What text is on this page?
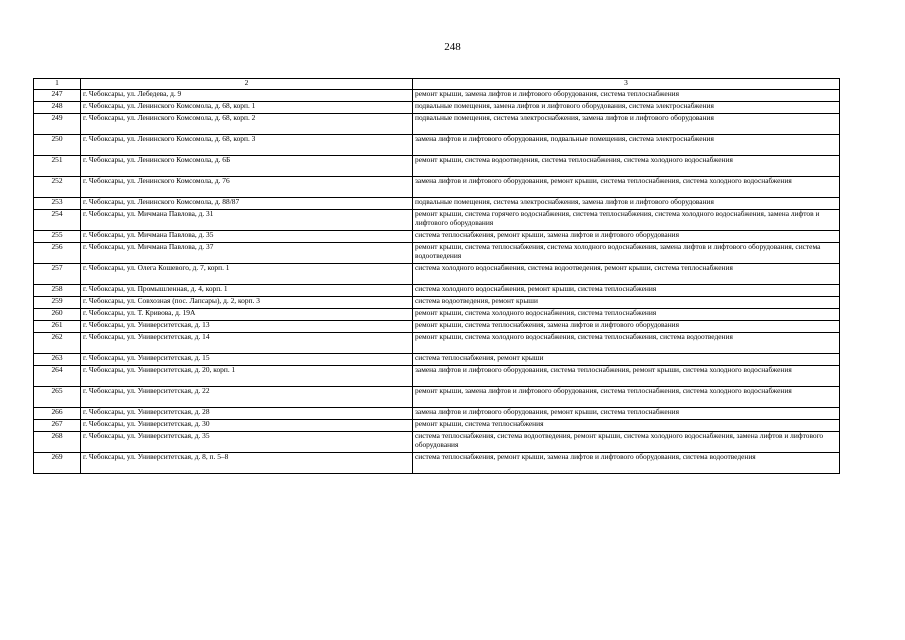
248
1	2	3
247	г. Чебоксары, ул. Лебедева, д. 9	ремонт крыши, замена лифтов и лифтового оборудования, система теплоснабжения
248	г. Чебоксары, ул. Ленинского Комсомола, д. 68, корп. 1	подвальные помещения, замена лифтов и лифтового оборудования, система электроснабжения
249	г. Чебоксары, ул. Ленинского Комсомола, д. 68, корп. 2	подвальные помещения, система электроснабжения, замена лифтов и лифтового оборудования
250	г. Чебоксары, ул. Ленинского Комсомола, д. 68, корп. 3	замена лифтов и лифтового оборудования, подвальные помещения, система электроснабжения
251	г. Чебоксары, ул. Ленинского Комсомола, д. 6Б	ремонт крыши, система водоотведения, система теплоснабжения, система холодного водоснабжения
252	г. Чебоксары, ул. Ленинского Комсомола, д. 76	замена лифтов и лифтового оборудования, ремонт крыши, система теплоснабжения, система холодного водоснабжения
253	г. Чебоксары, ул. Ленинского Комсомола, д. 88/87	подвальные помещения, система электроснабжения, замена лифтов и лифтового оборудования
254	г. Чебоксары, ул. Мичмана Павлова, д. 31	ремонт крыши, система горячего водоснабжения, система теплоснабжения, система холодного водоснабжения, замена лифтов и лифтового оборудования
255	г. Чебоксары, ул. Мичмана Павлова, д. 35	система теплоснабжения, ремонт крыши, замена лифтов и лифтового оборудования
256	г. Чебоксары, ул. Мичмана Павлова, д. 37	ремонт крыши, система теплоснабжения, система холодного водоснабжения, замена лифтов и лифтового оборудования, система водоотведения
257	г. Чебоксары, ул. Олега Кошевого, д. 7, корп. 1	система холодного водоснабжения, система водоотведения, ремонт крыши, система теплоснабжения
258	г. Чебоксары, ул. Промышленная, д. 4, корп. 1	система холодного водоснабжения, ремонт крыши, система теплоснабжения
259	г. Чебоксары, ул. Совхозная (пос. Лапсары), д. 2, корп. 3	система водоотведения, ремонт крыши
260	г. Чебоксары, ул. Т. Кривова, д. 19А	ремонт крыши, система холодного водоснабжения, система теплоснабжения
261	г. Чебоксары, ул. Университетская, д. 13	ремонт крыши, система теплоснабжения, замена лифтов и лифтового оборудования
262	г. Чебоксары, ул. Университетская, д. 14	ремонт крыши, система холодного водоснабжения, система теплоснабжения, система водоотведения
263	г. Чебоксары, ул. Университетская, д. 15	система теплоснабжения, ремонт крыши
264	г. Чебоксары, ул. Университетская, д. 20, корп. 1	замена лифтов и лифтового оборудования, система теплоснабжения, ремонт крыши, система холодного водоснабжения
265	г. Чебоксары, ул. Университетская, д. 22	ремонт крыши, замена лифтов и лифтового оборудования, система теплоснабжения, система холодного водоснабжения
266	г. Чебоксары, ул. Университетская, д. 28	замена лифтов и лифтового оборудования, ремонт крыши, система теплоснабжения
267	г. Чебоксары, ул. Университетская, д. 30	ремонт крыши, система теплоснабжения
268	г. Чебоксары, ул. Университетская, д. 35	система теплоснабжения, система водоотведения, ремонт крыши, система холодного водоснабжения, замена лифтов и лифтового оборудования
269	г. Чебоксары, ул. Университетская, д. 8, п. 5–8	система теплоснабжения, ремонт крыши, замена лифтов и лифтового оборудования, система водоотведения
